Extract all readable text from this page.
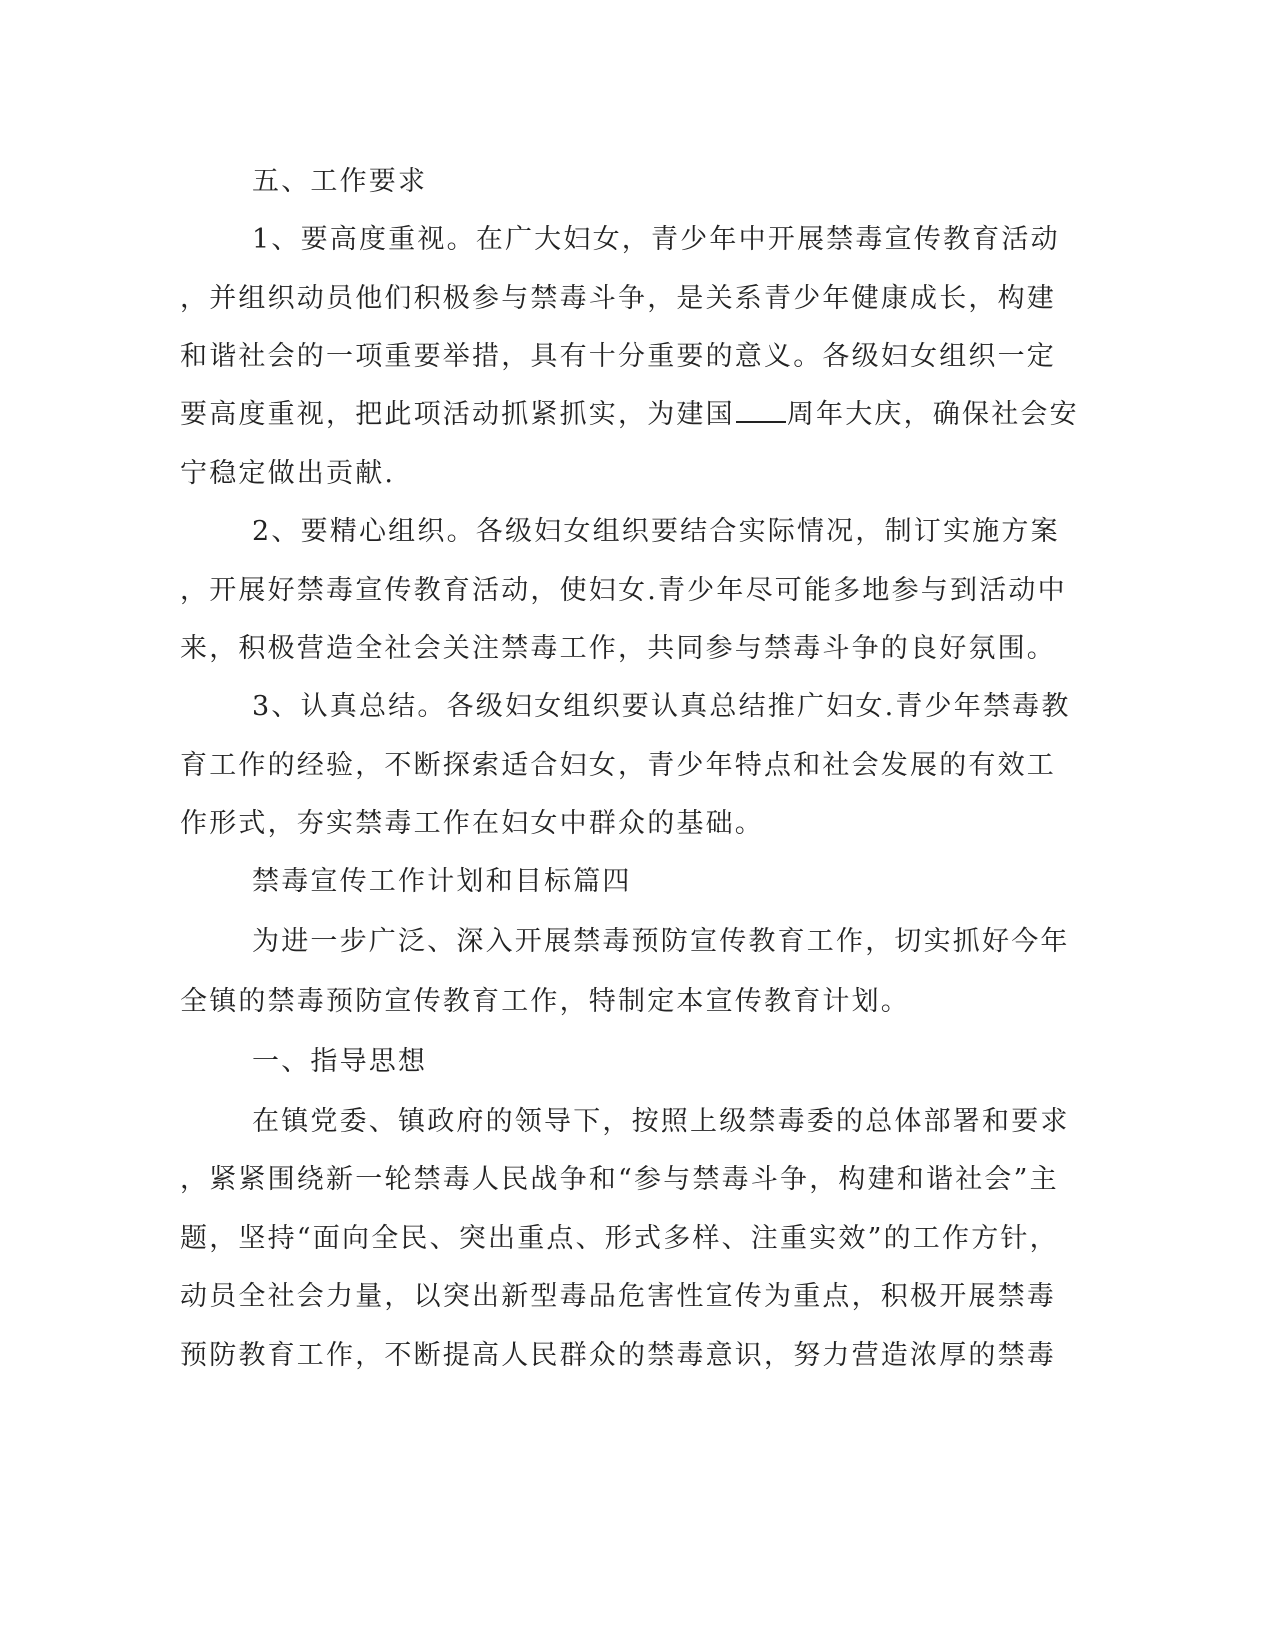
五、工作要求
1、要高度重视。在广大妇女，青少年中开展禁毒宣传教育活动
，并组织动员他们积极参与禁毒斗争，是关系青少年健康成长，构建
和谐社会的一项重要举措，具有十分重要的意义。各级妇女组织一定
要高度重视，把此项活动抓紧抓实，为建国 周年大庆，确保社会安
宁稳定做出贡献.
2、要精心组织。各级妇女组织要结合实际情况，制订实施方案
，开展好禁毒宣传教育活动，使妇女.青少年尽可能多地参与到活动中
来，积极营造全社会关注禁毒工作，共同参与禁毒斗争的良好氛围。
3、认真总结。各级妇女组织要认真总结推广妇女.青少年禁毒教
育工作的经验，不断探索适合妇女，青少年特点和社会发展的有效工
作形式，夯实禁毒工作在妇女中群众的基础。
禁毒宣传工作计划和目标篇四
为进一步广泛、深入开展禁毒预防宣传教育工作，切实抓好今年
全镇的禁毒预防宣传教育工作，特制定本宣传教育计划。
一、指导思想
在镇党委、镇政府的领导下，按照上级禁毒委的总体部署和要求
，紧紧围绕新一轮禁毒人民战争和“参与禁毒斗争，构建和谐社会”主
题，坚持“面向全民、突出重点、形式多样、注重实效”的工作方针，
动员全社会力量，以突出新型毒品危害性宣传为重点，积极开展禁毒
预防教育工作，不断提高人民群众的禁毒意识，努力营造浓厚的禁毒
